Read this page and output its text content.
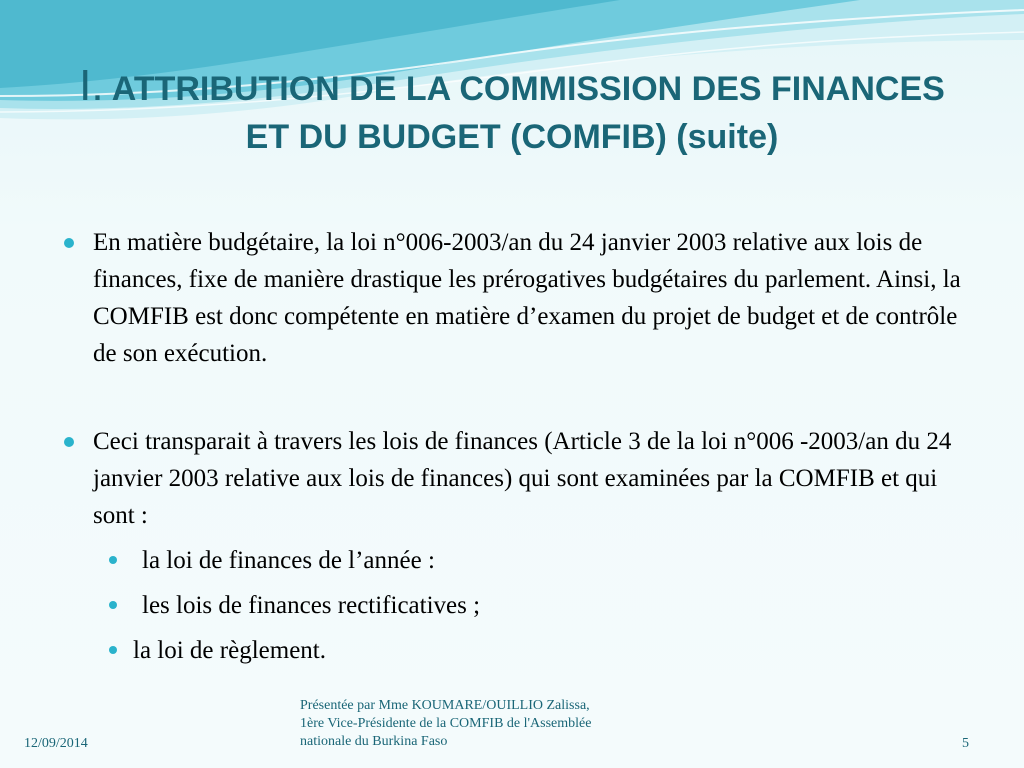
I. ATTRIBUTION DE LA COMMISSION DES FINANCES ET DU BUDGET (COMFIB) (suite)
En matière budgétaire, la loi n°006-2003/an du 24 janvier 2003 relative aux lois de finances, fixe de manière drastique les prérogatives budgétaires du parlement. Ainsi, la COMFIB est donc compétente en matière d’examen du projet de budget et de contrôle de son exécution.
Ceci transparait à travers les lois de finances (Article 3 de la loi n°006 -2003/an du 24 janvier 2003 relative aux lois de finances) qui sont examinées par la COMFIB et qui sont :
la loi de finances de l’année :
les lois de finances rectificatives ;
la loi de règlement.
Présentée par Mme KOUMARE/OUILLIO Zalissa,
1ère Vice-Présidente de la COMFIB de l'Assemblée
nationale du Burkina Faso
12/09/2014	5
